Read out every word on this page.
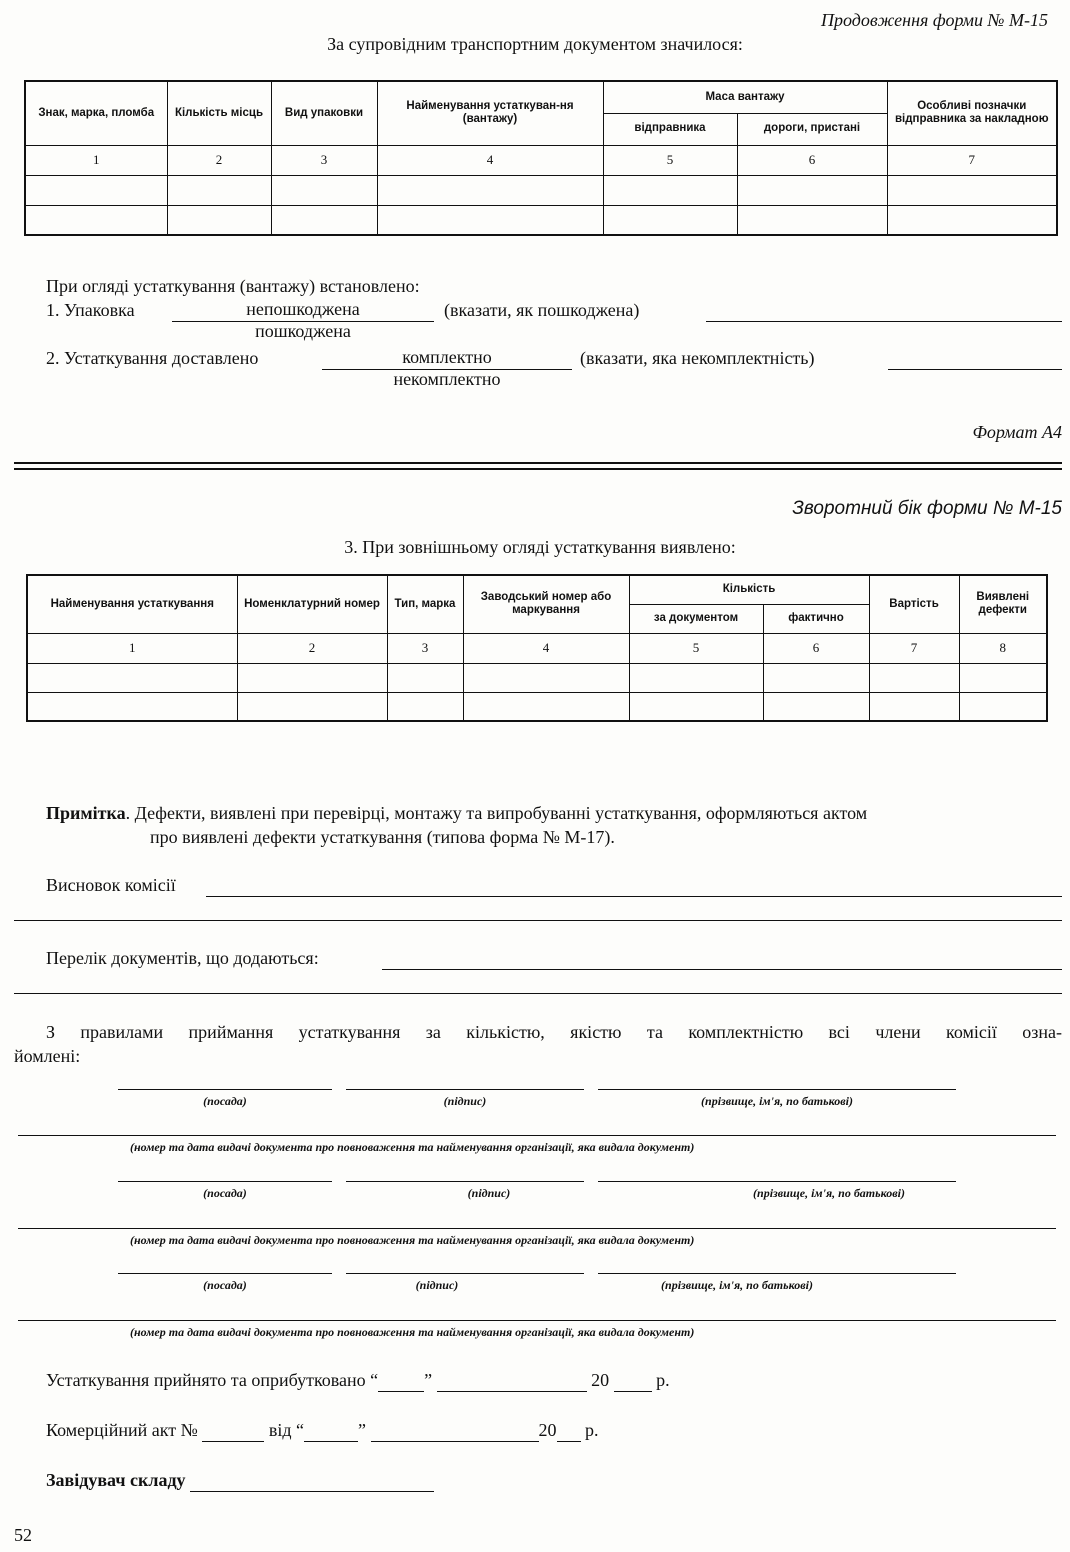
Продовження форми № М-15
За супровідним транспортним документом значилося:
Знак, марка, пломба	Кількість місць	Вид упаковки	Найменування устаткуван-ня (вантажу)	Маса вантажу		Особливі позначки відправника за накладною
				відправника	дороги, пристані	
1	2	3	4	5	6	7

При огляді устаткування (вантажу) встановлено:
1. Упаковка	непошкоджена
пошкоджена
(вказати, як пошкоджена)
2. Устаткування доставлено	комплектно
некомплектно
(вказати, яка некомплектність)
Формат А4
Зворотний бік форми № М-15
3. При зовнішньому огляді устаткування виявлено:
Найменування устаткування	Номенклатурний номер	Тип, марка	Заводський номер або маркування	Кількість		Вартість	Виявлені дефекти
				за документом	фактично		
1	2	3	4	5	6	7	8

Примітка. Дефекти, виявлені при перевірці, монтажу та випробуванні устаткування, оформляються актом
про виявлені дефекти устаткування (типова форма № М-17).
Висновок комісії
Перелік документів, що додаються:
З правилами приймання устаткування за кількістю, якістю та комплектністю всі члени комісії озна-
йомлені:
(посада)	(підпис)	(прізвище, ім'я, по батькові)
(номер та дата видачі документа про повноваження та найменування організації, яка видала документ)
(посада)	(підпис)	(прізвище, ім'я, по батькові)
(номер та дата видачі документа про повноваження та найменування організації, яка видала документ)
(посада)	(підпис)	(прізвище, ім'я, по батькові)
(номер та дата видачі документа про повноваження та найменування організації, яка видала документ)
Устаткування прийнято та оприбутковано “	”	20	р.
Комерційний акт №	від “	”	20 р.
Завідувач складу
52
